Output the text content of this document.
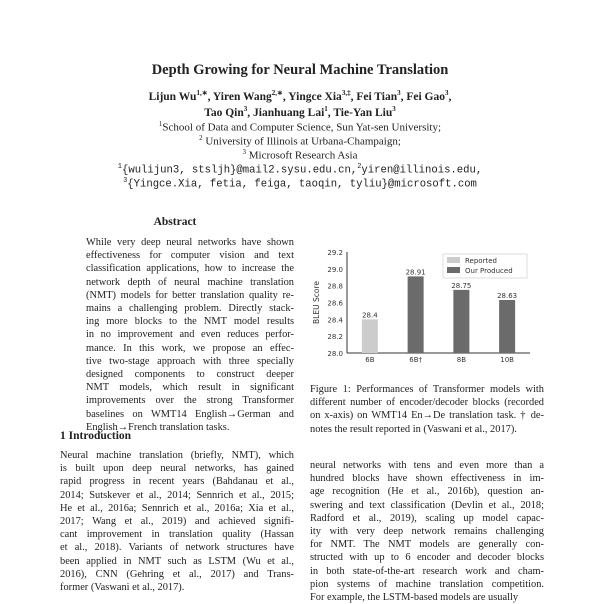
Depth Growing for Neural Machine Translation
Lijun $Wu^{1,∗}$, Yiren Wang$^{2,∗}$, Yingce Xia$^{3,\ddagger}$, Fei Tian$^3$, Fei Gao$^3$,
Tao Qin$^3$, Jianhuang Lai$^1$, Tie-Yan Liu$^3$
$^1$School of Data and Computer Science, Sun Yat-sen University;
$^2$ University of Illinois at Urbana-Champaign;
$^3$ Microsoft Research Asia
$^1${wulijun3, stsljh}@mail2.sysu.edu.cn,$^2$yiren@illinois.edu,
$^3${Yingce.Xia, fetia, feiga, taoqin, tyliu}@microsoft.com
Abstract
While very deep neural networks have shown
effectiveness for computer vision and text
classification applications, how to increase the
network depth of neural machine translation
(NMT) models for better translation quality re-
mains a challenging problem. Directly stack-
ing more blocks to the NMT model results
in no improvement and even reduces perfor-
mance. In this work, we propose an effec-
tive two-stage approach with three specially
designed components to construct deeper
NMT models, which result in significant
improvements over the strong Transformer
baselines on WMT14 English→German and
English→French translation tasks.
1 Introduction
Neural machine translation (briefly, NMT), which
is built upon deep neural networks, has gained
rapid progress in recent years (Bahdanau et al.,
2014; Sutskever et al., 2014; Sennrich et al., 2015;
He et al., 2016a; Sennrich et al., 2016a; Xia et al.,
2017; Wang et al., 2019) and achieved signifi-
cant improvement in translation quality (Hassan
et al., 2018). Variants of network structures have
been applied in NMT such as LSTM (Wu et al.,
2016), CNN (Gehring et al., 2017) and Trans-
former (Vaswani et al., 2017).
neural networks with tens and even more than a
hundred blocks have shown effectiveness in im-
age recognition (He et al., 2016b), question an-
swering and text classification (Devlin et al., 2018;
Radford et al., 2019), scaling up model capac-
ity with very deep network remains challenging
for NMT. The NMT models are generally con-
structed with up to 6 encoder and decoder blocks
in both state-of-the-art research work and cham-
pion systems of machine translation competition.
For example, the LSTM-based models are usually
Figure 1: Performances of Transformer models with
different number of encoder/decoder blocks (recorded
on x-axis) on WMT14 En→De translation task. † de-
notes the result reported in (Vaswani et al., 2017).
28.0
28.2
28.4
28.6
28.8
29.0
29.2
BLEU Score	28.4
6B
28.91
6B†
28.75
8B
28.63
10B
Reported
Our Produced
